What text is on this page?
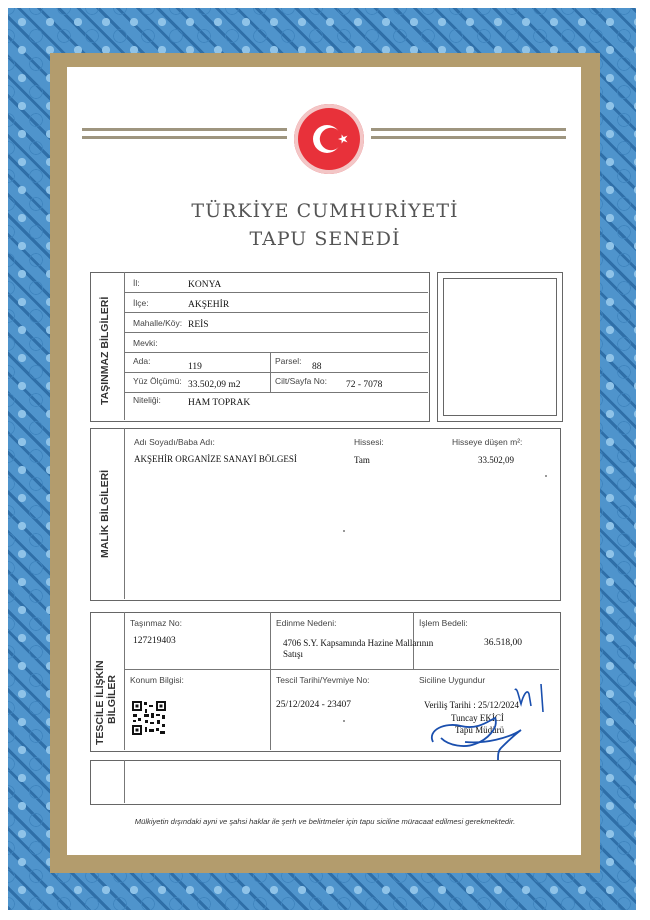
TÜRKİYE CUMHURİYETİ
TAPU SENEDİ
TAŞINMAZ BİLGİLERİ
İl:	KONYA
İlçe:	AKŞEHİR
Mahalle/Köy: REİS
Mevki:
Ada:
119
Parsel:
88
Yüz Ölçümü: 33.502,09 m2	Cilt/Sayfa No: 72 - 7078
Niteliği:	HAM TOPRAK
MALİK BİLGİLERİ
Adı Soyadı/Baba Adı:
AKŞEHİR ORGANİZE SANAYİ BÖLGESİ
Hissesi:
Tam
Hisseye düşen m²:
33.502,09
TESCİLE İLİŞKİN BİLGİLER
Taşınmaz No:
127219403
Edinme Nedeni:
4706 S.Y. Kapsamında Hazine Mallarının
Satışı
İşlem Bedeli:
36.518,00
Konum Bilgisi:	Tescil Tarihi/Yevmiye No:
25/12/2024 - 23407
Siciline Uygundur
Veriliş Tarihi : 25/12/2024
Tuncay EKİCİ
Tapu Müdürü
Mülkiyetin dışındaki ayni ve şahsi haklar ile şerh ve belirtmeler için tapu siciline müracaat edilmesi gerekmektedir.
